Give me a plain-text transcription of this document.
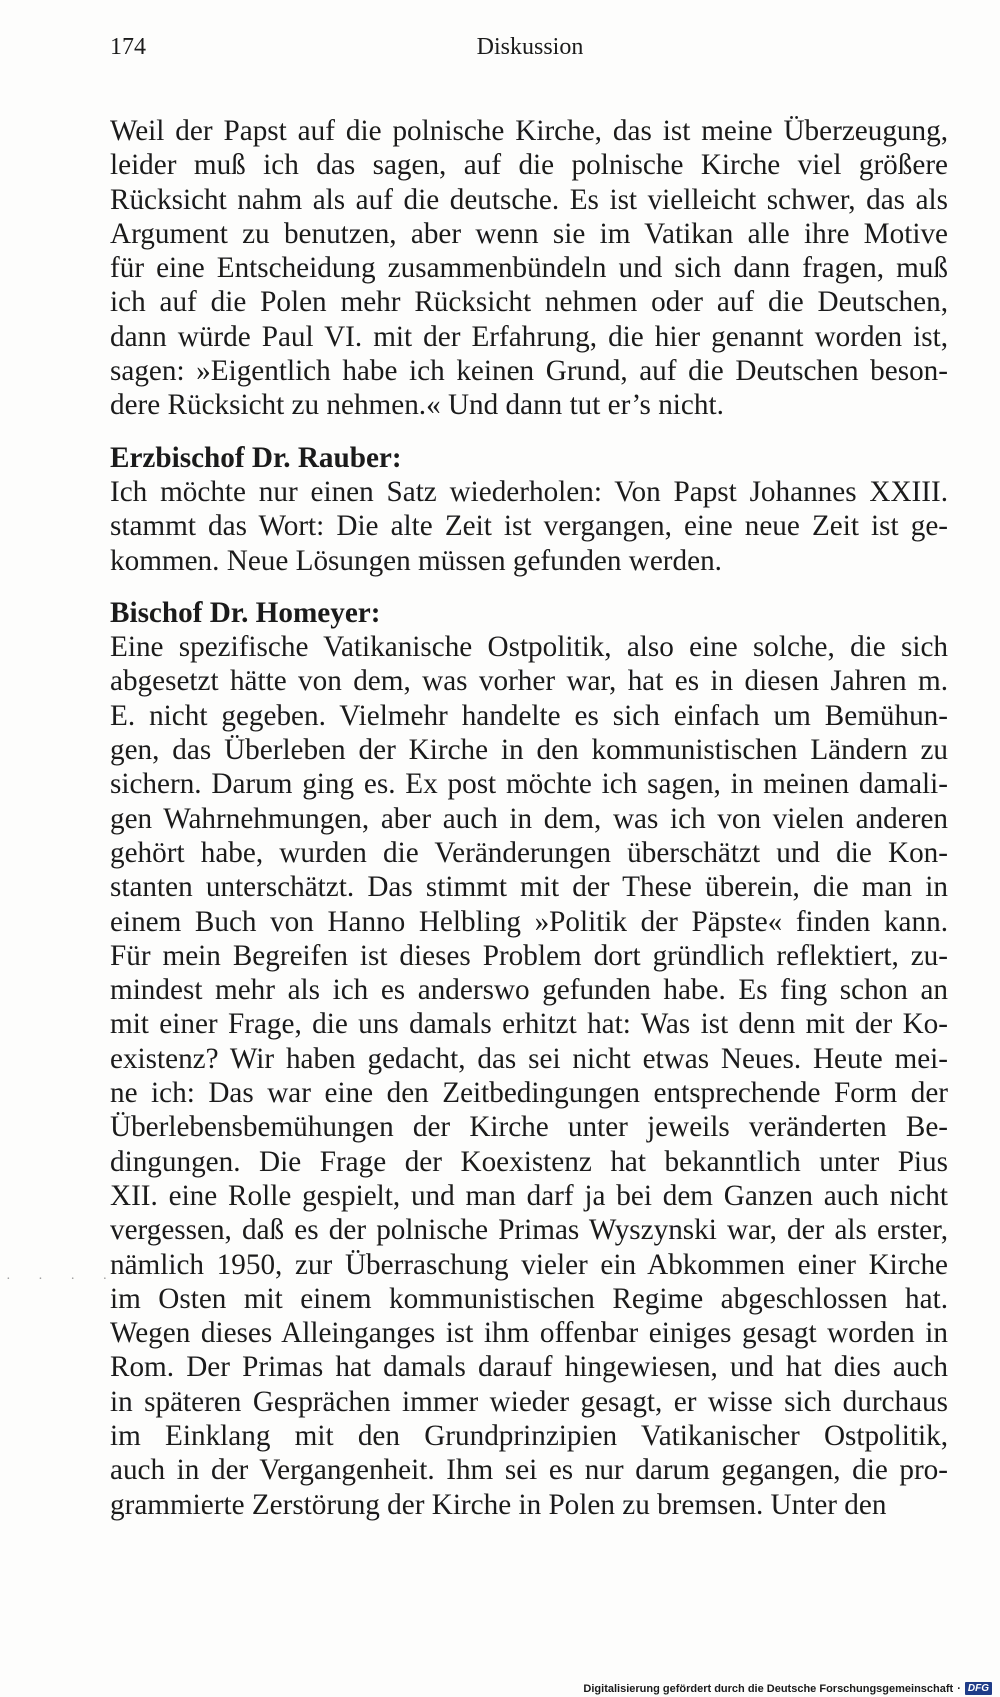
174	Diskussion
Weil der Papst auf die polnische Kirche, das ist meine Überzeugung,
leider muß ich das sagen, auf die polnische Kirche viel größere
Rücksicht nahm als auf die deutsche. Es ist vielleicht schwer, das als
Argument zu benutzen, aber wenn sie im Vatikan alle ihre Motive
für eine Entscheidung zusammenbündeln und sich dann fragen, muß
ich auf die Polen mehr Rücksicht nehmen oder auf die Deutschen,
dann würde Paul VI. mit der Erfahrung, die hier genannt worden ist,
sagen: »Eigentlich habe ich keinen Grund, auf die Deutschen beson-
dere Rücksicht zu nehmen.« Und dann tut er’s nicht.
Erzbischof Dr. Rauber:
Ich möchte nur einen Satz wiederholen: Von Papst Johannes XXIII.
stammt das Wort: Die alte Zeit ist vergangen, eine neue Zeit ist ge-
kommen. Neue Lösungen müssen gefunden werden.
Bischof Dr. Homeyer:
Eine spezifische Vatikanische Ostpolitik, also eine solche, die sich
abgesetzt hätte von dem, was vorher war, hat es in diesen Jahren m.
E. nicht gegeben. Vielmehr handelte es sich einfach um Bemühun-
gen, das Überleben der Kirche in den kommunistischen Ländern zu
sichern. Darum ging es. Ex post möchte ich sagen, in meinen damali-
gen Wahrnehmungen, aber auch in dem, was ich von vielen anderen
gehört habe, wurden die Veränderungen überschätzt und die Kon-
stanten unterschätzt. Das stimmt mit der These überein, die man in
einem Buch von Hanno Helbling »Politik der Päpste« finden kann.
Für mein Begreifen ist dieses Problem dort gründlich reflektiert, zu-
mindest mehr als ich es anderswo gefunden habe. Es fing schon an
mit einer Frage, die uns damals erhitzt hat: Was ist denn mit der Ko-
existenz? Wir haben gedacht, das sei nicht etwas Neues. Heute mei-
ne ich: Das war eine den Zeitbedingungen entsprechende Form der
Überlebensbemühungen der Kirche unter jeweils veränderten Be-
dingungen. Die Frage der Koexistenz hat bekanntlich unter Pius
XII. eine Rolle gespielt, und man darf ja bei dem Ganzen auch nicht
vergessen, daß es der polnische Primas Wyszynski war, der als erster,
nämlich 1950, zur Überraschung vieler ein Abkommen einer Kirche
im Osten mit einem kommunistischen Regime abgeschlossen hat.
Wegen dieses Alleinganges ist ihm offenbar einiges gesagt worden in
Rom. Der Primas hat damals darauf hingewiesen, und hat dies auch
in späteren Gesprächen immer wieder gesagt, er wisse sich durchaus
im Einklang mit den Grundprinzipien Vatikanischer Ostpolitik,
auch in der Vergangenheit. Ihm sei es nur darum gegangen, die pro-
grammierte Zerstörung der Kirche in Polen zu bremsen. Unter den
· · · ·
Digitalisierung gefördert durch die Deutsche Forschungsgemeinschaft · DFG
